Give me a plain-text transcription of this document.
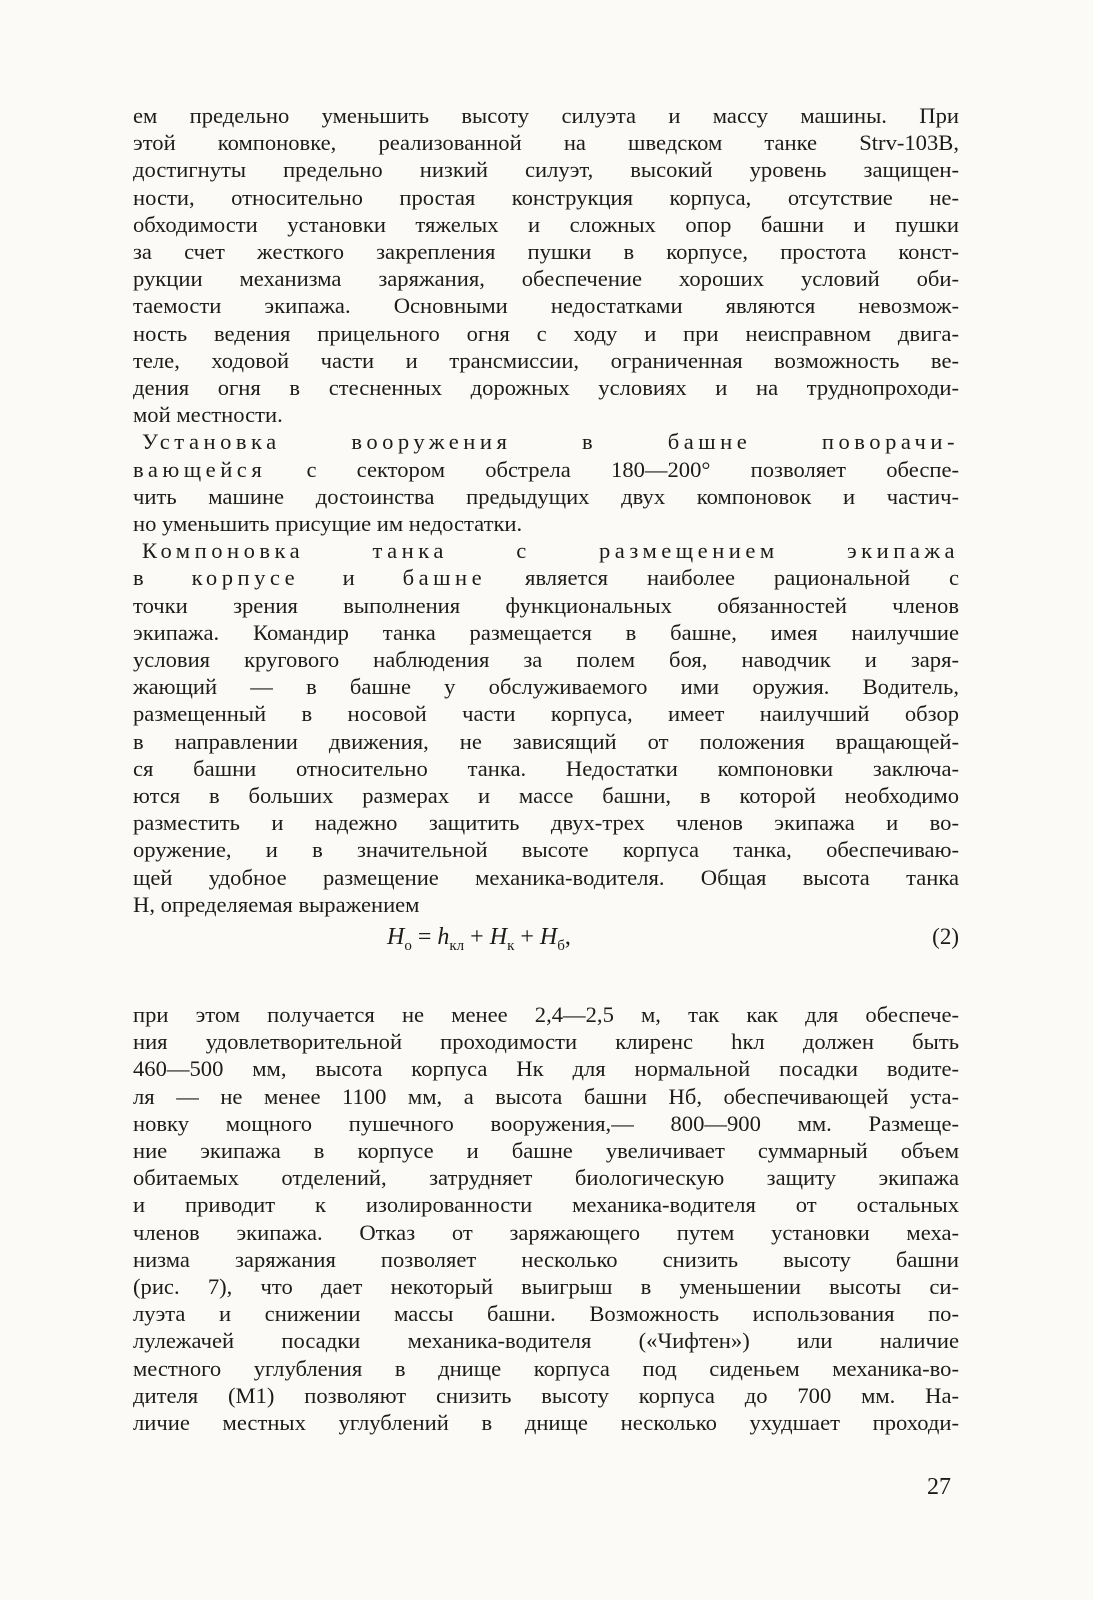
ем предельно уменьшить высоту силуэта и массу машины. При
этой компоновке, реализованной на шведском танке Strv-103B,
достигнуты предельно низкий силуэт, высокий уровень защищен-
ности, относительно простая конструкция корпуса, отсутствие не-
обходимости установки тяжелых и сложных опор башни и пушки
за счет жесткого закрепления пушки в корпусе, простота конст-
рукции механизма заряжания, обеспечение хороших условий оби-
таемости экипажа. Основными недостатками являются невозмож-
ность ведения прицельного огня с ходу и при неисправном двига-
теле, ходовой части и трансмиссии, ограниченная возможность ве-
дения огня в стесненных дорожных условиях и на труднопроходи-
мой местности.
Установка вооружения в башне поворачи-
вающейся с сектором обстрела 180—200° позволяет обеспе-
чить машине достоинства предыдущих двух компоновок и частич-
но уменьшить присущие им недостатки.
Компоновка танка с размещением экипажа
в корпусе и башне является наиболее рациональной с
точки зрения выполнения функциональных обязанностей членов
экипажа. Командир танка размещается в башне, имея наилучшие
условия кругового наблюдения за полем боя, наводчик и заря-
жающий — в башне у обслуживаемого ими оружия. Водитель,
размещенный в носовой части корпуса, имеет наилучший обзор
в направлении движения, не зависящий от положения вращающей-
ся башни относительно танка. Недостатки компоновки заключа-
ются в больших размерах и массе башни, в которой необходимо
разместить и надежно защитить двух-трех членов экипажа и во-
оружение, и в значительной высоте корпуса танка, обеспечиваю-
щей удобное размещение механика-водителя. Общая высота танка
H, определяемая выражением
$H_о = h_{кл} + H_к + H_б$,	(2)
при этом получается не менее 2,4—2,5 м, так как для обеспече-
ния удовлетворительной проходимости клиренс hкл должен быть
460—500 мм, высота корпуса Hк для нормальной посадки водите-
ля — не менее 1100 мм, а высота башни Hб, обеспечивающей уста-
новку мощного пушечного вооружения,— 800—900 мм. Размеще-
ние экипажа в корпусе и башне увеличивает суммарный объем
обитаемых отделений, затрудняет биологическую защиту экипажа
и приводит к изолированности механика-водителя от остальных
членов экипажа. Отказ от заряжающего путем установки меха-
низма заряжания позволяет несколько снизить высоту башни
(рис. 7), что дает некоторый выигрыш в уменьшении высоты си-
луэта и снижении массы башни. Возможность использования по-
лулежачей посадки механика-водителя («Чифтен») или наличие
местного углубления в днище корпуса под сиденьем механика-во-
дителя (M1) позволяют снизить высоту корпуса до 700 мм. На-
личие местных углублений в днище несколько ухудшает проходи-
27
